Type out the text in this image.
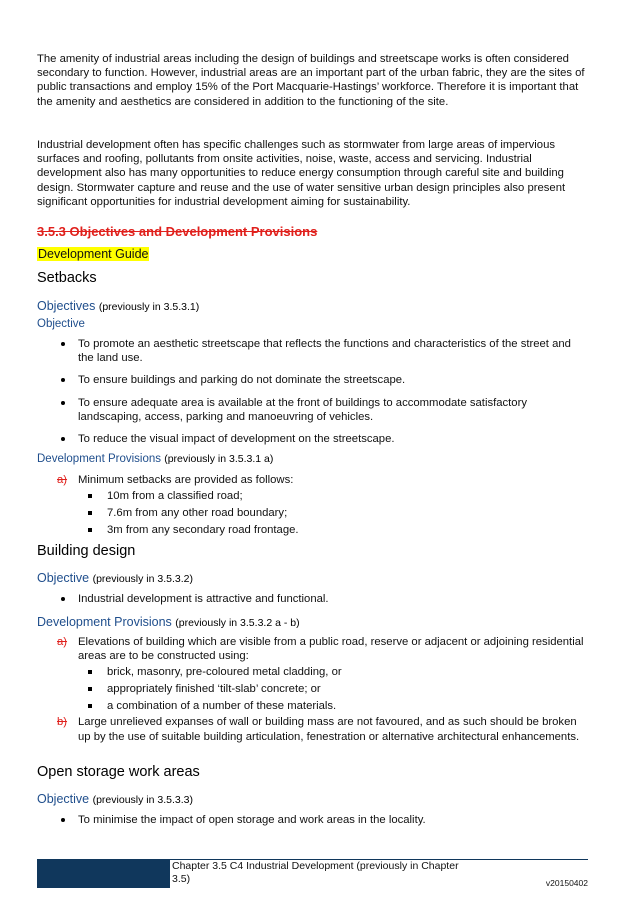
The amenity of industrial areas including the design of buildings and streetscape works is often considered secondary to function. However, industrial areas are an important part of the urban fabric, they are the sites of public transactions and employ 15% of the Port Macquarie-Hastings’ workforce. Therefore it is important that the amenity and aesthetics are considered in addition to the functioning of the site.

Industrial development often has specific challenges such as stormwater from large areas of impervious surfaces and roofing, pollutants from onsite activities, noise, waste, access and servicing. Industrial development also has many opportunities to reduce energy consumption through careful site and building design. Stormwater capture and reuse and the use of water sensitive urban design principles also present significant opportunities for industrial development aiming for sustainability.

3.5.3 Objectives and Development Provisions

Development Guide

Setbacks

Objectives (previously in 3.5.3.1)

Objective

To promote an aesthetic streetscape that reflects the functions and characteristics of the street and the land use.
To ensure buildings and parking do not dominate the streetscape.
To ensure adequate area is available at the front of buildings to accommodate satisfactory landscaping, access, parking and manoeuvring of vehicles.
To reduce the visual impact of development on the streetscape.

Development Provisions (previously in 3.5.3.1 a)

a) Minimum setbacks are provided as follows:
10m from a classified road;
7.6m from any other road boundary;
3m from any secondary road frontage.
Building design

Objective (previously in 3.5.3.2)

Industrial development is attractive and functional.

Development Provisions (previously in 3.5.3.2 a - b)

a) Elevations of building which are visible from a public road, reserve or adjacent or adjoining residential areas are to be constructed using:
brick, masonry, pre-coloured metal cladding, or
appropriately finished ‘tilt-slab’ concrete; or
a combination of a number of these materials.
b) Large unrelieved expanses of wall or building mass are not favoured, and as such should be broken up by the use of suitable building articulation, fenestration or alternative architectural enhancements.
Open storage work areas

Objective (previously in 3.5.3.3)

To minimise the impact of open storage and work areas in the locality.
Chapter 3.5 C4 Industrial Development (previously in Chapter 3.5)	v20150402
